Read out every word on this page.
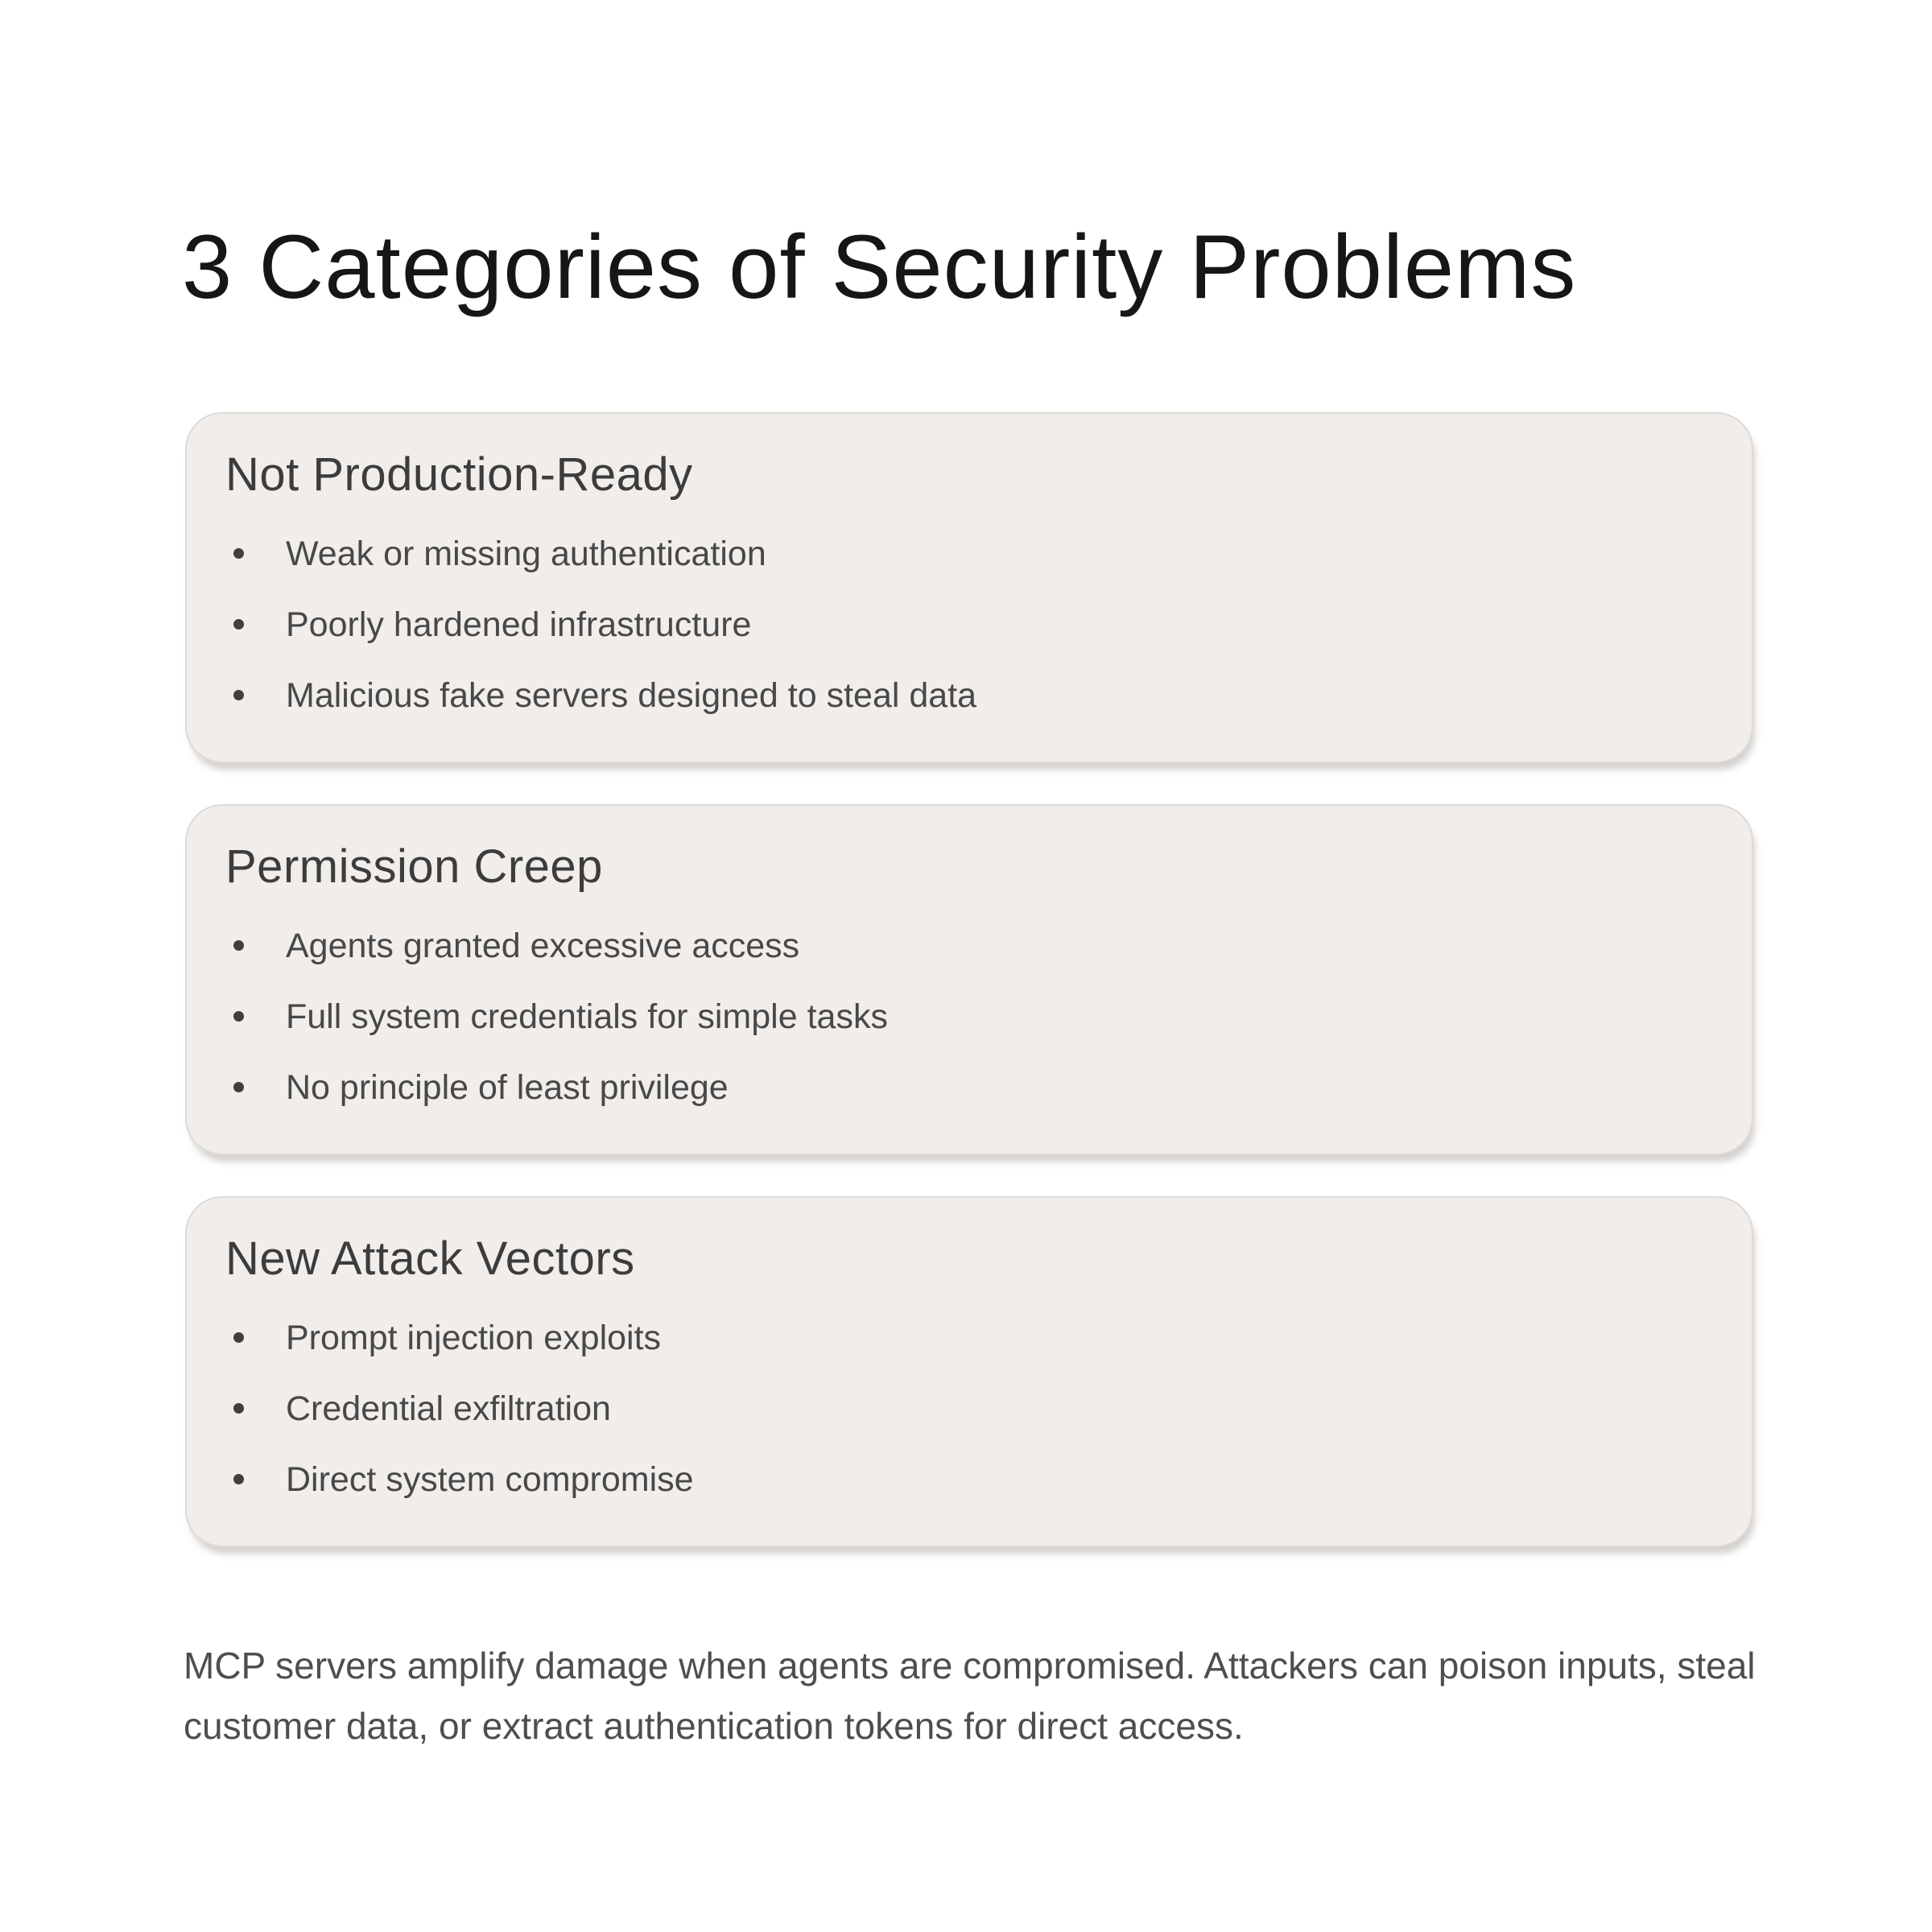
3 Categories of Security Problems
Not Production-Ready
Weak or missing authentication
Poorly hardened infrastructure
Malicious fake servers designed to steal data
Permission Creep
Agents granted excessive access
Full system credentials for simple tasks
No principle of least privilege
New Attack Vectors
Prompt injection exploits
Credential exfiltration
Direct system compromise

MCP servers amplify damage when agents are compromised. Attackers can poison inputs, steal
customer data, or extract authentication tokens for direct access.
